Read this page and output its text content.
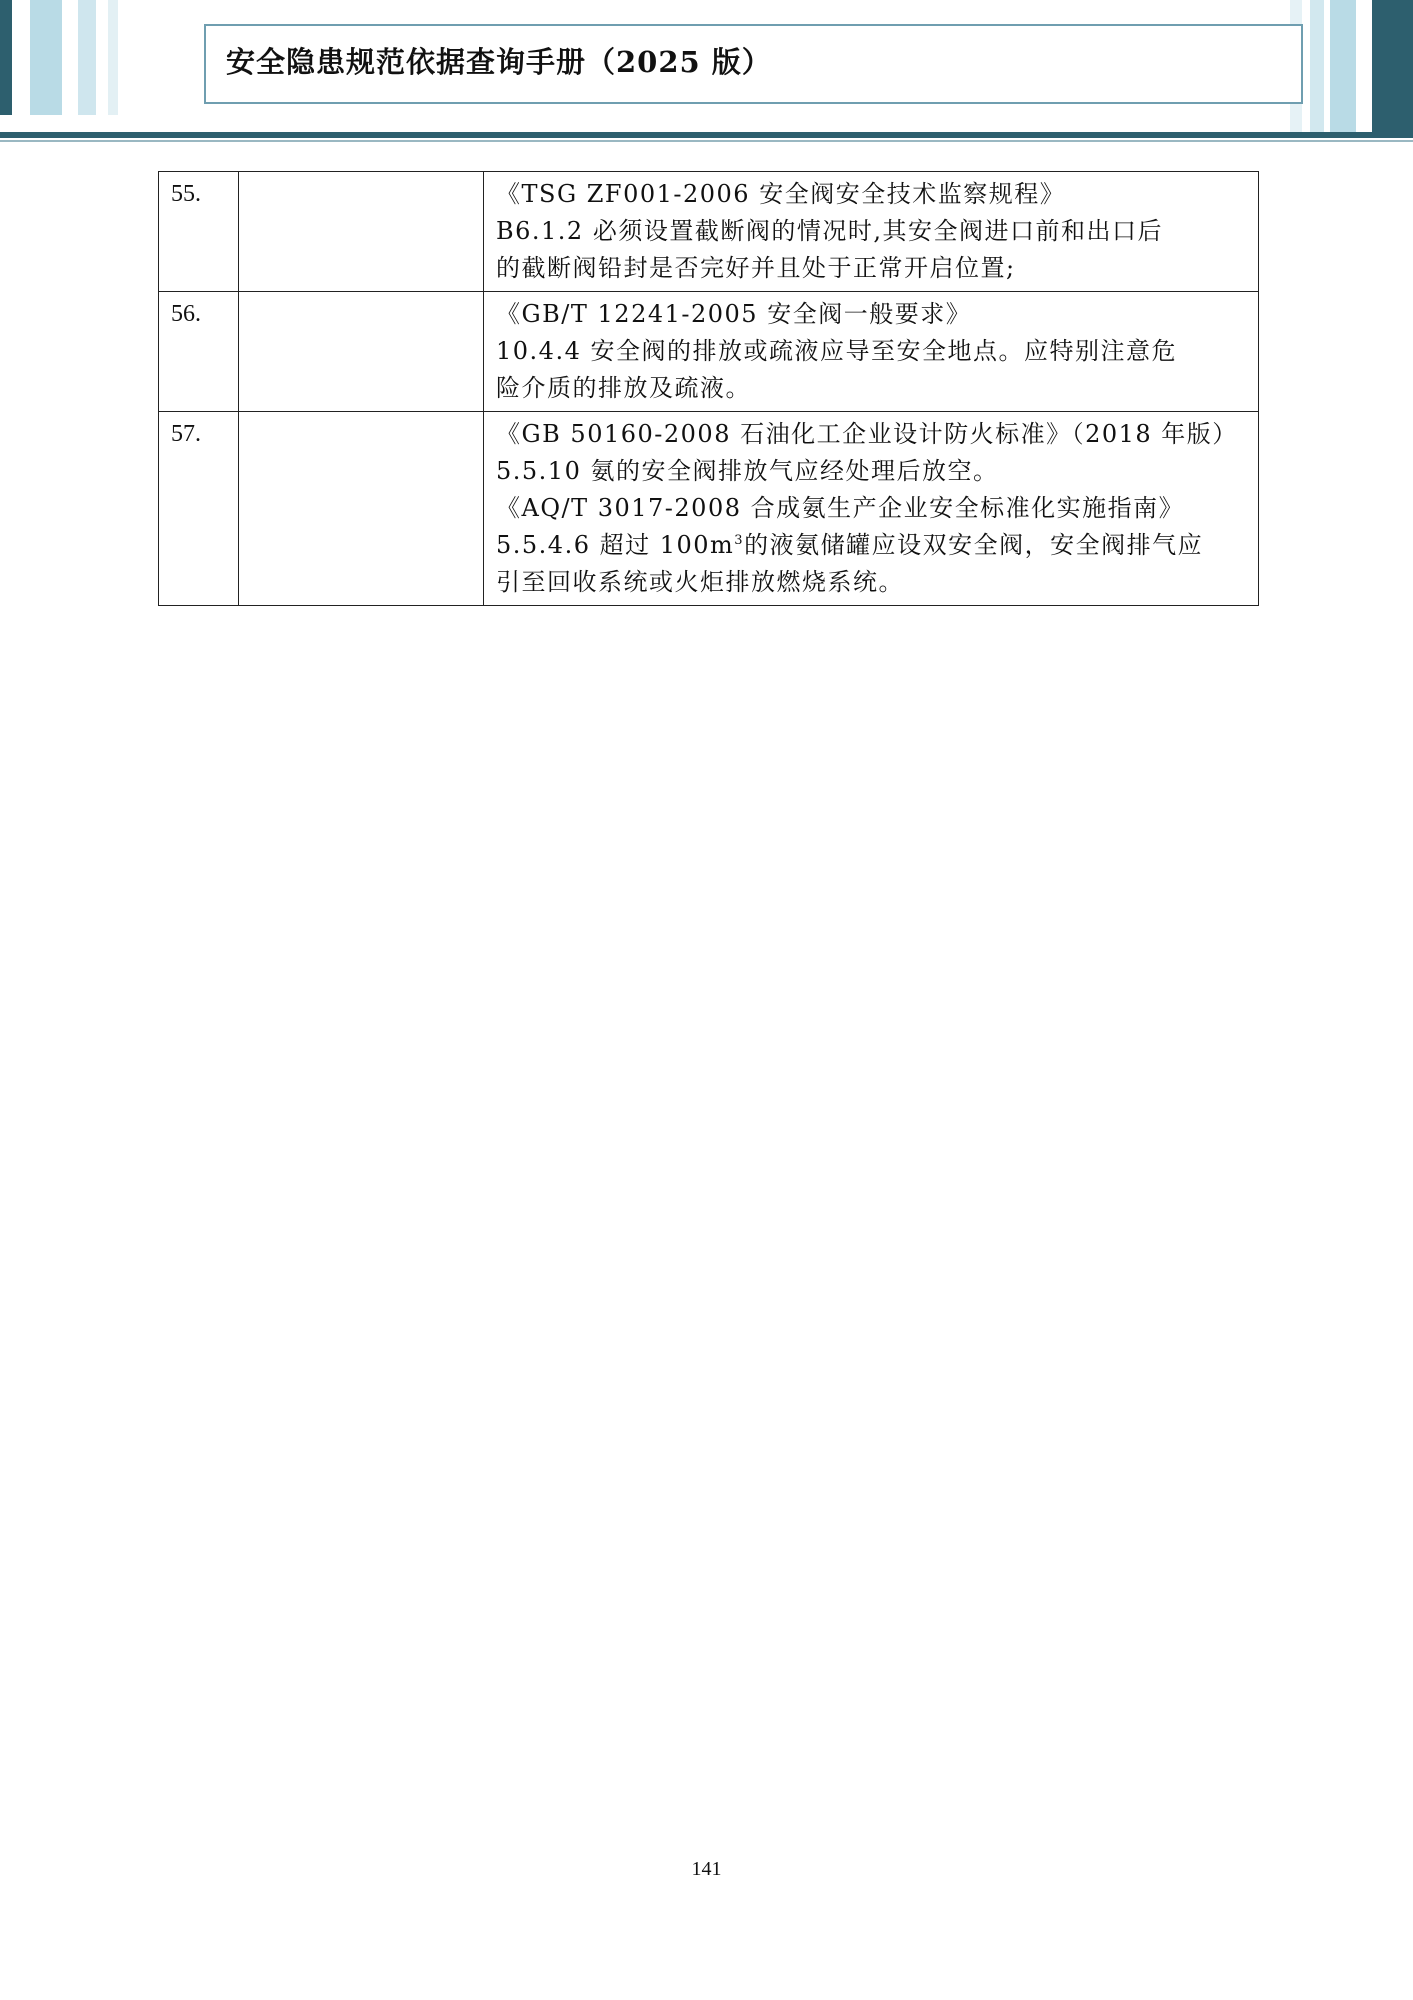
安全隐患规范依据查询手册（2025 版）
55.		《TSG ZF001-2006 安全阀安全技术监察规程》
B6.1.2 必须设置截断阀的情况时,其安全阀进口前和出口后
的截断阀铅封是否完好并且处于正常开启位置;

56.		《GB/T 12241-2005 安全阀一般要求》
10.4.4 安全阀的排放或疏液应导至安全地点。应特别注意危
险介质的排放及疏液。

57.		《GB 50160-2008 石油化工企业设计防火标准》（2018 年版）
5.5.10 氨的安全阀排放气应经处理后放空。
《AQ/T 3017-2008 合成氨生产企业安全标准化实施指南》
5.5.4.6 超过 $100m^3$的液氨储罐应设双安全阀，安全阀排气应
引至回收系统或火炬排放燃烧系统。
141
